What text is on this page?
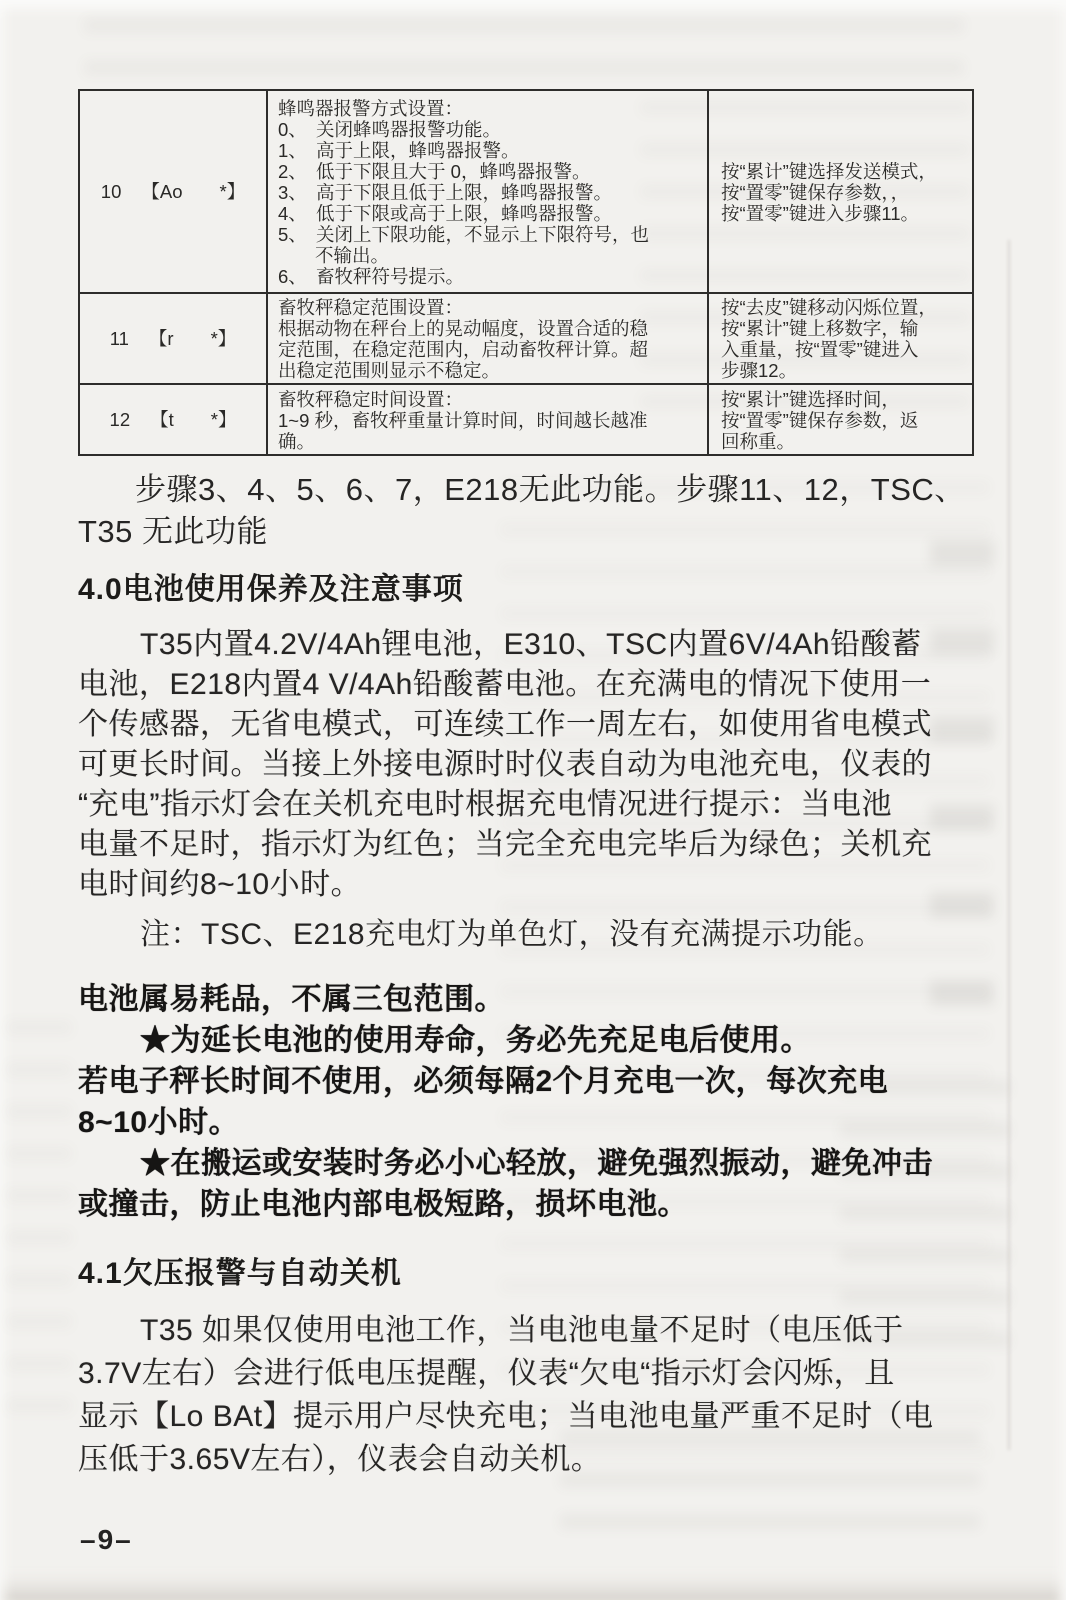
10 【Ao　　*】
	蜂鸣器报警方式设置：
0、　关闭蜂鸣器报警功能。
1、　高于上限，蜂鸣器报警。
2、　低于下限且大于 0，蜂鸣器报警。
3、　高于下限且低于上限，蜂鸣器报警。
4、　低于下限或高于上限，蜂鸣器报警。
5、　关闭上下限功能，不显示上下限符号，也
　　不输出。
6、　畜牧秤符号提示。	按“累计”键选择发送模式，
按“置零”键保存参数，，
按“置零”键进入步骤11。

11 【r　　*】	畜牧秤稳定范围设置：
根据动物在秤台上的晃动幅度，设置合适的稳
定范围，在稳定范围内，启动畜牧秤计算。超
出稳定范围则显示不稳定。	按“去皮”键移动闪烁位置，
按“累计”键上移数字，输
入重量，按“置零”键进入
步骤12。

12 【t　　*】	畜牧秤稳定时间设置：
1~9 秒，畜牧秤重量计算时间，时间越长越准
确。	按“累计”键选择时间，
按“置零”键保存参数，返
回称重。

步骤3、4、5、6、7，E218无此功能。步骤11、12，TSC、
T35 无此功能

4.0电池使用保养及注意事项

T35内置4.2V/4Ah锂电池，E310、TSC内置6V/4Ah铅酸蓄
电池，E218内置4 V/4Ah铅酸蓄电池。在充满电的情况下使用一
个传感器，无省电模式，可连续工作一周左右，如使用省电模式
可更长时间。当接上外接电源时时仪表自动为电池充电，仪表的
“充电”指示灯会在关机充电时根据充电情况进行提示：当电池
电量不足时，指示灯为红色；当完全充电完毕后为绿色；关机充
电时间约8~10小时。

注：TSC、E218充电灯为单色灯，没有充满提示功能。

电池属易耗品，不属三包范围。

★为延长电池的使用寿命，务必先充足电后使用。
若电子秤长时间不使用，必须每隔2个月充电一次，每次充电
8~10小时。

★在搬运或安装时务必小心轻放，避免强烈振动，避免冲击
或撞击，防止电池内部电极短路，损坏电池。

4.1欠压报警与自动关机

T35 如果仅使用电池工作，当电池电量不足时（电压低于
3.7V左右）会进行低电压提醒，仪表“欠电“指示灯会闪烁，且
显示【Lo BAt】提示用户尽快充电；当电池电量严重不足时（电
压低于3.65V左右），仪表会自动关机。

–9–
